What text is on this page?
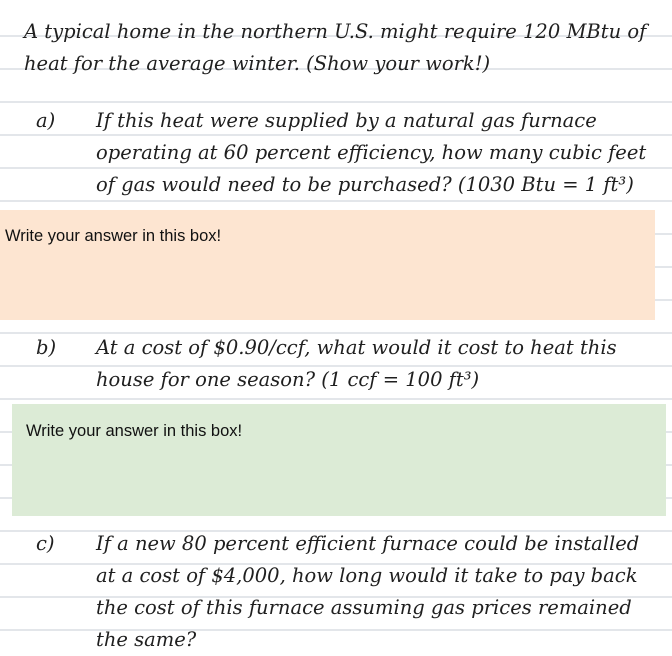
A typical home in the northern U.S. might require 120 MBtu of heat for the average winter. (Show your work!)

a) If this heat were supplied by a natural gas furnace operating at 60 percent efficiency, how many cubic feet of gas would need to be purchased? (1030 Btu = 1 ft³)

Write your answer in this box!
b) At a cost of $0.90/ccf, what would it cost to heat this house for one season? (1 ccf = 100 ft³)

Write your answer in this box!
c) If a new 80 percent efficient furnace could be installed at a cost of $4,000, how long would it take to pay back the cost of this furnace assuming gas prices remained the same?
